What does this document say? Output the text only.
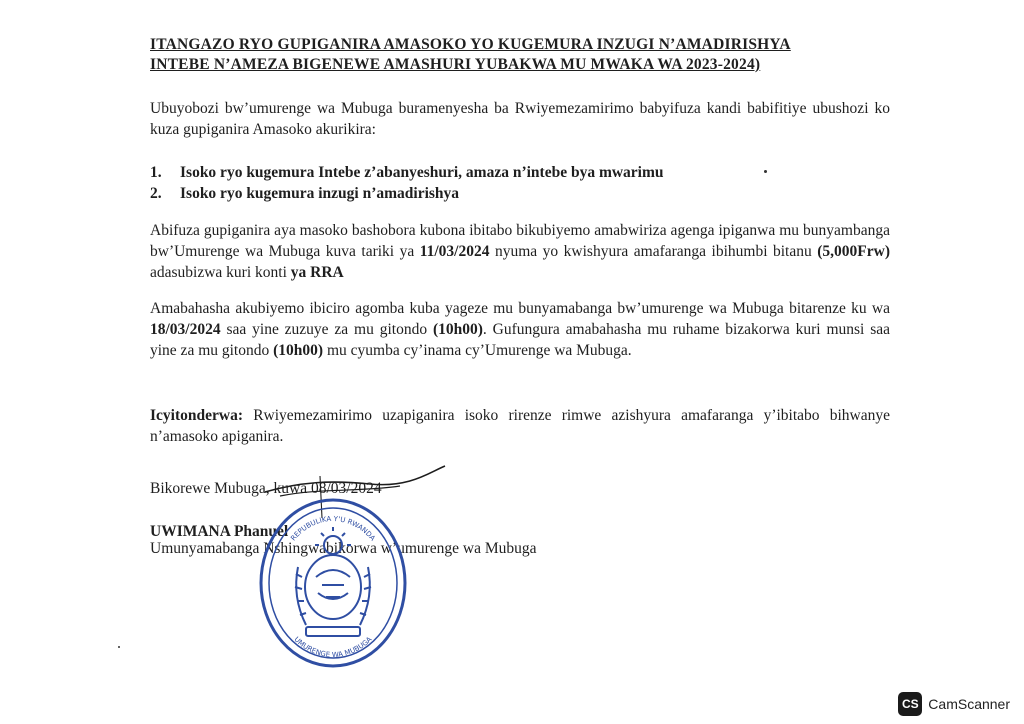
ITANGAZO RYO GUPIGANIRA AMASOKO YO KUGEMURA INZUGI N’AMADIRISHYA
INTEBE N’AMEZA BIGENEWE AMASHURI YUBAKWA MU MWAKA WA 2023-2024)

Ubuyobozi bw’umurenge wa Mubuga buramenyesha ba Rwiyemezamirimo babyifuza kandi babifitiye ubushozi ko kuza gupiganira Amasoko akurikira:

1.	Isoko ryo kugemura Intebe z’abanyeshuri, amaza n’intebe bya mwarimu
2.	Isoko ryo kugemura inzugi n’amadirishya

Abifuza gupiganira aya masoko bashobora kubona ibitabo bikubiyemo amabwiriza agenga ipiganwa mu bunyambanga bw’Umurenge wa Mubuga kuva tariki ya 11/03/2024 nyuma yo kwishyura amafaranga ibihumbi bitanu (5,000Frw) adasubizwa kuri konti ya RRA

Amabahasha akubiyemo ibiciro agomba kuba yageze mu bunyamabanga bw’umurenge wa Mubuga bitarenze ku wa 18/03/2024 saa yine zuzuye za mu gitondo (10h00). Gufungura amabahasha mu ruhame bizakorwa kuri munsi saa yine za mu gitondo (10h00) mu cyumba cy’inama cy’Umurenge wa Mubuga.

Icyitonderwa: Rwiyemezamirimo uzapiganira isoko rirenze rimwe azishyura amafaranga y’ibitabo bihwanye n’amasoko apiganira.

Bikorewe Mubuga, kuwa 08/03/2024

UWIMANA Phanuel
Umunyamabanga Nshingwabikorwa w’umurenge wa Mubuga
REPUBULIKA Y'U RWANDA
UMURENGE WA MUBUGA
CS CamScanner
